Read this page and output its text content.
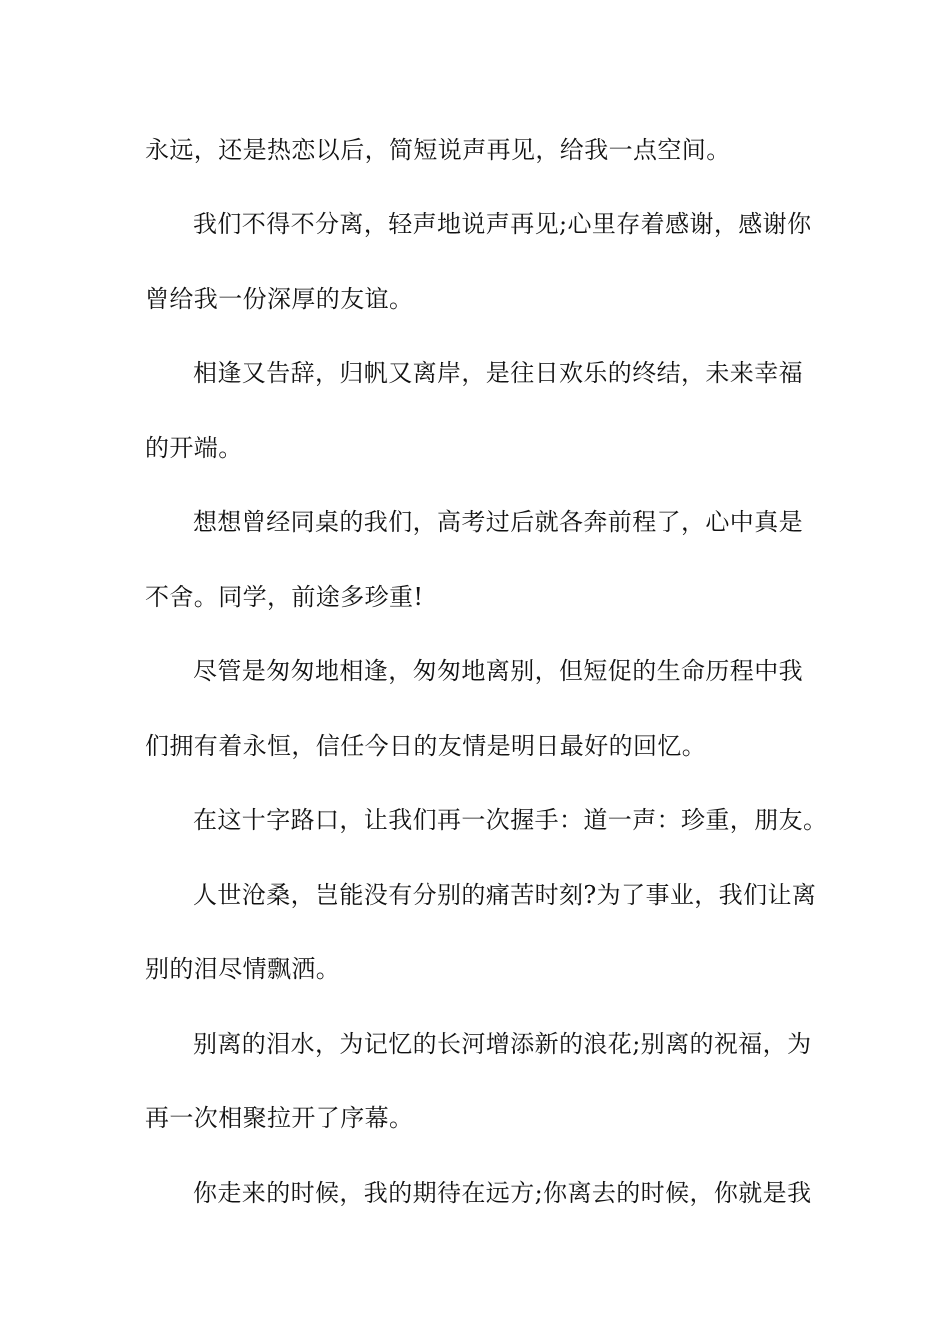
永远，还是热恋以后，简短说声再见，给我一点空间。
我们不得不分离，轻声地说声再见;心里存着感谢，感谢你
曾给我一份深厚的友谊。
相逢又告辞，归帆又离岸，是往日欢乐的终结，未来幸福
的开端。
想想曾经同桌的我们，高考过后就各奔前程了，心中真是
不舍。同学，前途多珍重!
尽管是匆匆地相逢，匆匆地离别，但短促的生命历程中我
们拥有着永恒，信任今日的友情是明日最好的回忆。
在这十字路口，让我们再一次握手：道一声：珍重，朋友。
人世沧桑，岂能没有分别的痛苦时刻?为了事业，我们让离
别的泪尽情飘洒。
别离的泪水，为记忆的长河增添新的浪花;别离的祝福，为
再一次相聚拉开了序幕。
你走来的时候，我的期待在远方;你离去的时候，你就是我
